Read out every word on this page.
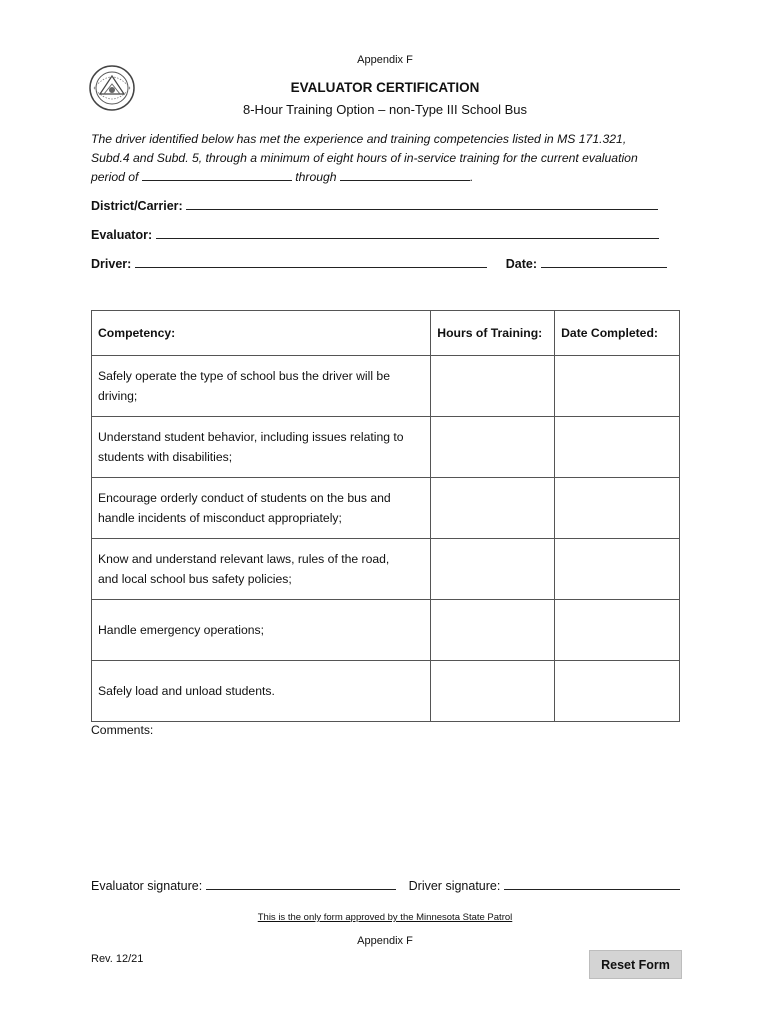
Appendix F
EVALUATOR CERTIFICATION
8-Hour Training Option – non-Type III School Bus
The driver identified below has met the experience and training competencies listed in MS 171.321,
Subd.4 and Subd. 5, through a minimum of eight hours of in-service training for the current evaluation
period of	through	.
District/Carrier:
Evaluator:
Driver:	Date:
Competency:	Hours of Training:	Date Completed:

Safely operate the type of school bus the driver will be
driving;		

Understand student behavior, including issues relating to
students with disabilities;		

Encourage orderly conduct of students on the bus and
handle incidents of misconduct appropriately;		

Know and understand relevant laws, rules of the road,
and local school bus safety policies;		

Handle emergency operations;		

Safely load and unload students.		

Comments:
Evaluator signature:	Driver signature:
This is the only form approved by the Minnesota State Patrol
Appendix F
Rev. 12/21	Reset Form
